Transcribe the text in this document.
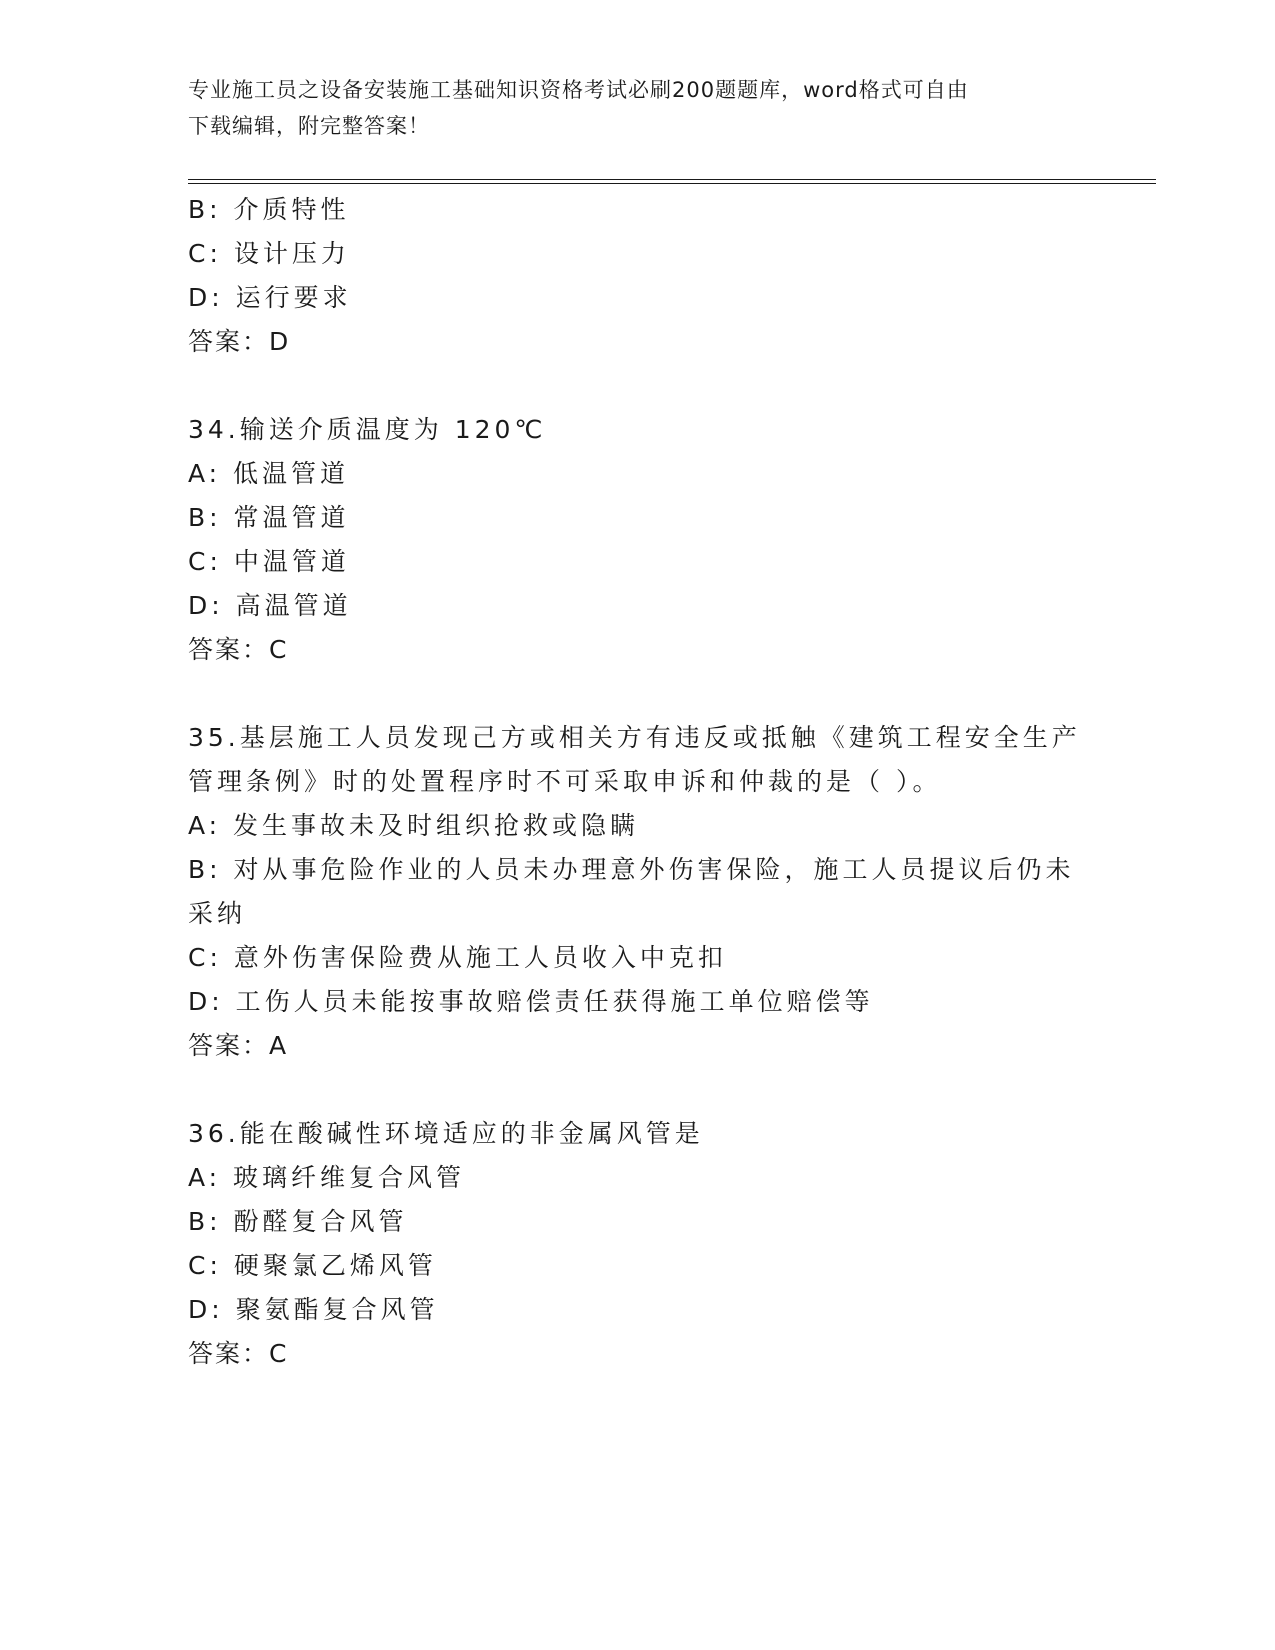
专业施工员之设备安装施工基础知识资格考试必刷200题题库，word格式可自由
下载编辑，附完整答案！
B: 介质特性
C: 设计压力
D: 运行要求
答案：D
34.输送介质温度为 120℃
A: 低温管道
B: 常温管道
C: 中温管道
D: 高温管道
答案：C
35.基层施工人员发现己方或相关方有违反或抵触《建筑工程安全生产
管理条例》时的处置程序时不可采取申诉和仲裁的是（ ）。
A: 发生事故未及时组织抢救或隐瞒
B: 对从事危险作业的人员未办理意外伤害保险，施工人员提议后仍未
采纳
C: 意外伤害保险费从施工人员收入中克扣
D: 工伤人员未能按事故赔偿责任获得施工单位赔偿等
答案：A
36.能在酸碱性环境适应的非金属风管是
A: 玻璃纤维复合风管
B: 酚醛复合风管
C: 硬聚氯乙烯风管
D: 聚氨酯复合风管
答案：C
